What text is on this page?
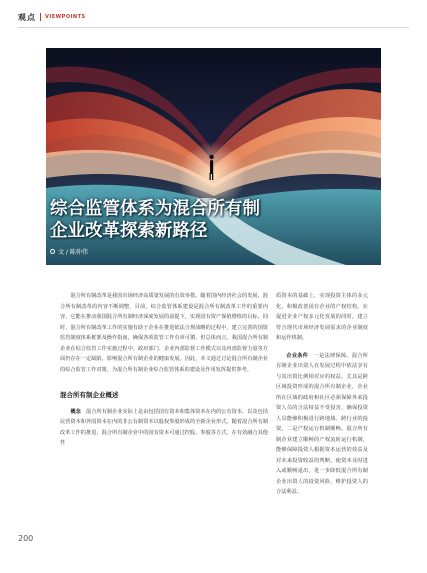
观点 VIEWPOINTS
综合监管体系为混合所有制
企业改革探索新路径
文 / 陈仲伟

混合所有制改革是我国市场经济高质量发展的有效举措。随着国内经济社会的发展，混合所有制改革的内容不断调整。目前，综合监管体系建设是混合所有制改革工作的重要内容，它能在推动我国混合所有制经济深度发展的前提下，实现国有资产保值增值的目标。同时，混合所有制改革工作的实施有助于企业在推进依法合规战略的过程中，建立完善的国资监管制度体系框架及操作指南，确保各项监管工作有章可循。但总体而言，我国混合所有制企业在综合监管工作实施过程中，政府部门、企业内部监督工作模式以及内部监督力量等方面仍存在一定缺陷，影响混合所有制企业的健康发展。因此，本文通过讨论混合所有制企业的综合监管工作对策，为混合所有制企业综合监管体系的建设及作用发挥提供参考。

混合所有制企业概述

概念　 混合所有制企业实际上是由包括国有资本和集体资本在内的公有资本，以及包括民营资本和外国资本在内的非公有制资本以股权参股形成的全新企业形式。随着混合所有制改革工作的推进，混合所有制企业中的国有资本可通过控股、参股等方式，在有效融合其他性

质资本的基础上，实现投资主体的多元化，积极改善国有企业的产权结构，在促进企业产权多元化发展的同时，建立符合现代市场经济发展需求的企业制度和运作机制。

企业条件　 一是法律保障。混合所有制企业出资人在发展过程中依法享有与其出资比例相对应的权益。尤其是跨区域投资形成的混合所有制企业，企业所在区域的政府和社区必须保障外来投资人员的合法权益不受侵害，确保投资人员能够积极进行跨地域、跨行业的投资。二是产权运行机制顺畅。混合所有制企业建立顺畅的产权流转运行机制，能够保障投资人根据资本运营的效益及对未来投资收益的判断，使资本及时进入或顺畅退出，进一步降低混合所有制企业出资人的投资风险，维护投资人的合法利益。

200
